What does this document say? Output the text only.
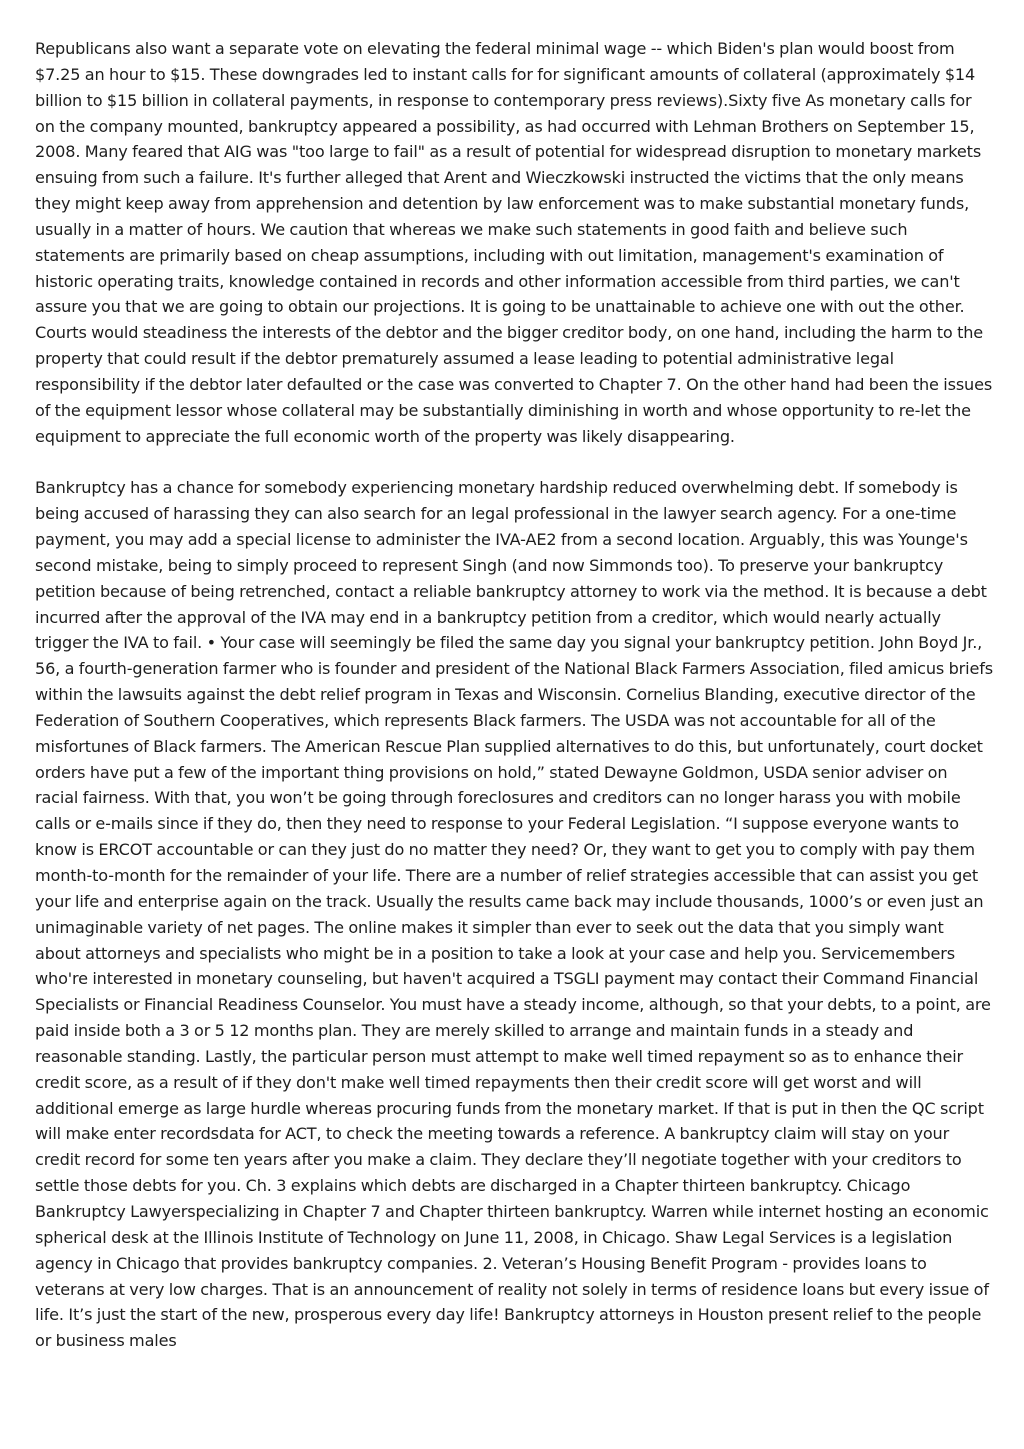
Republicans also want a separate vote on elevating the federal minimal wage -- which Biden's plan would boost from $7.25 an hour to $15. These downgrades led to instant calls for for significant amounts of collateral (approximately $14 billion to $15 billion in collateral payments, in response to contemporary press reviews).Sixty five As monetary calls for on the company mounted, bankruptcy appeared a possibility, as had occurred with Lehman Brothers on September 15, 2008. Many feared that AIG was "too large to fail" as a result of potential for widespread disruption to monetary markets ensuing from such a failure. It's further alleged that Arent and Wieczkowski instructed the victims that the only means they might keep away from apprehension and detention by law enforcement was to make substantial monetary funds, usually in a matter of hours. We caution that whereas we make such statements in good faith and believe such statements are primarily based on cheap assumptions, including with out limitation, management's examination of historic operating traits, knowledge contained in records and other information accessible from third parties, we can't assure you that we are going to obtain our projections. It is going to be unattainable to achieve one with out the other. Courts would steadiness the interests of the debtor and the bigger creditor body, on one hand, including the harm to the property that could result if the debtor prematurely assumed a lease leading to potential administrative legal responsibility if the debtor later defaulted or the case was converted to Chapter 7. On the other hand had been the issues of the equipment lessor whose collateral may be substantially diminishing in worth and whose opportunity to re-let the equipment to appreciate the full economic worth of the property was likely disappearing.

Bankruptcy has a chance for somebody experiencing monetary hardship reduced overwhelming debt. If somebody is being accused of harassing they can also search for an legal professional in the lawyer search agency. For a one-time payment, you may add a special license to administer the IVA-AE2 from a second location. Arguably, this was Younge's second mistake, being to simply proceed to represent Singh (and now Simmonds too). To preserve your bankruptcy petition because of being retrenched, contact a reliable bankruptcy attorney to work via the method. It is because a debt incurred after the approval of the IVA may end in a bankruptcy petition from a creditor, which would nearly actually trigger the IVA to fail. • Your case will seemingly be filed the same day you signal your bankruptcy petition. John Boyd Jr., 56, a fourth-generation farmer who is founder and president of the National Black Farmers Association, filed amicus briefs within the lawsuits against the debt relief program in Texas and Wisconsin. Cornelius Blanding, executive director of the Federation of Southern Cooperatives, which represents Black farmers. The USDA was not accountable for all of the misfortunes of Black farmers. The American Rescue Plan supplied alternatives to do this, but unfortunately, court docket orders have put a few of the important thing provisions on hold,” stated Dewayne Goldmon, USDA senior adviser on racial fairness. With that, you won’t be going through foreclosures and creditors can no longer harass you with mobile calls or e-mails since if they do, then they need to response to your Federal Legislation. “I suppose everyone wants to know is ERCOT accountable or can they just do no matter they need? Or, they want to get you to comply with pay them month-to-month for the remainder of your life. There are a number of relief strategies accessible that can assist you get your life and enterprise again on the track. Usually the results came back may include thousands, 1000’s or even just an unimaginable variety of net pages. The online makes it simpler than ever to seek out the data that you simply want about attorneys and specialists who might be in a position to take a look at your case and help you. Servicemembers who're interested in monetary counseling, but haven't acquired a TSGLI payment may contact their Command Financial Specialists or Financial Readiness Counselor. You must have a steady income, although, so that your debts, to a point, are paid inside both a 3 or 5 12 months plan. They are merely skilled to arrange and maintain funds in a steady and reasonable standing. Lastly, the particular person must attempt to make well timed repayment so as to enhance their credit score, as a result of if they don't make well timed repayments then their credit score will get worst and will additional emerge as large hurdle whereas procuring funds from the monetary market. If that is put in then the QC script will make enter recordsdata for ACT, to check the meeting towards a reference. A bankruptcy claim will stay on your credit record for some ten years after you make a claim. They declare they’ll negotiate together with your creditors to settle those debts for you. Ch. 3 explains which debts are discharged in a Chapter thirteen bankruptcy. Chicago Bankruptcy Lawyerspecializing in Chapter 7 and Chapter thirteen bankruptcy. Warren while internet hosting an economic spherical desk at the Illinois Institute of Technology on June 11, 2008, in Chicago. Shaw Legal Services is a legislation agency in Chicago that provides bankruptcy companies. 2. Veteran’s Housing Benefit Program - provides loans to veterans at very low charges. That is an announcement of reality not solely in terms of residence loans but every issue of life. It’s just the start of the new, prosperous every day life! Bankruptcy attorneys in Houston present relief to the people or business males
